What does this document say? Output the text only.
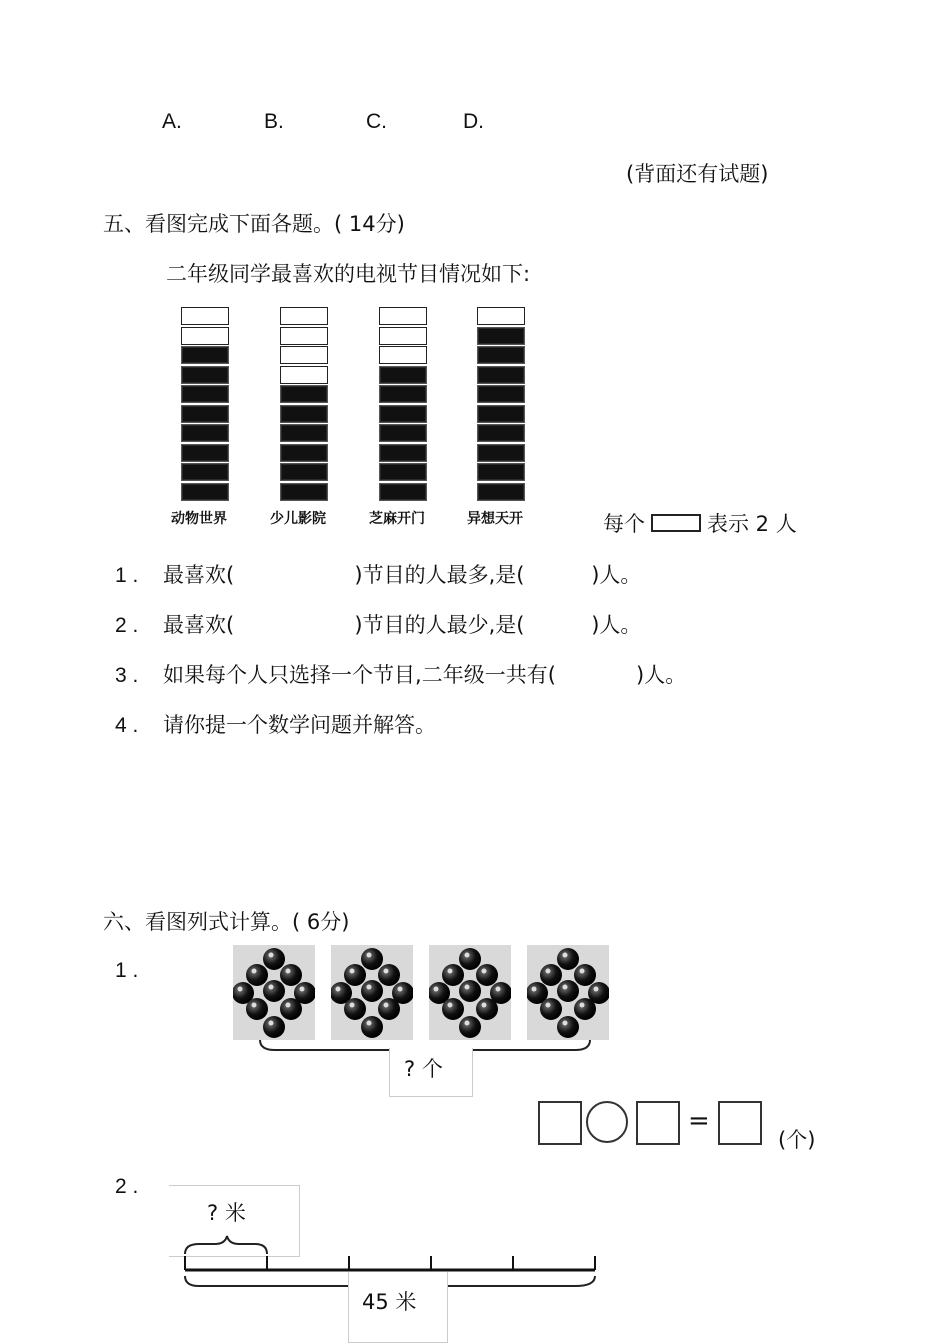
A.	B.	C.	D.
(背面还有试题)
五、看图完成下面各题。( 14分)
二年级同学最喜欢的电视节目情况如下:
动物世界	少儿影院	芝麻开门	异想天开	每个	表示 2 人
1 . 最喜欢(                  )节目的人最多,是(          )人。
2 . 最喜欢(                  )节目的人最少,是(          )人。
3 . 如果每个人只选择一个节目,二年级一共有(            )人。
4 . 请你提一个数学问题并解答。
六、看图列式计算。( 6分)
1 .
? 个
=
(个)
2 .
? 米
45 米
